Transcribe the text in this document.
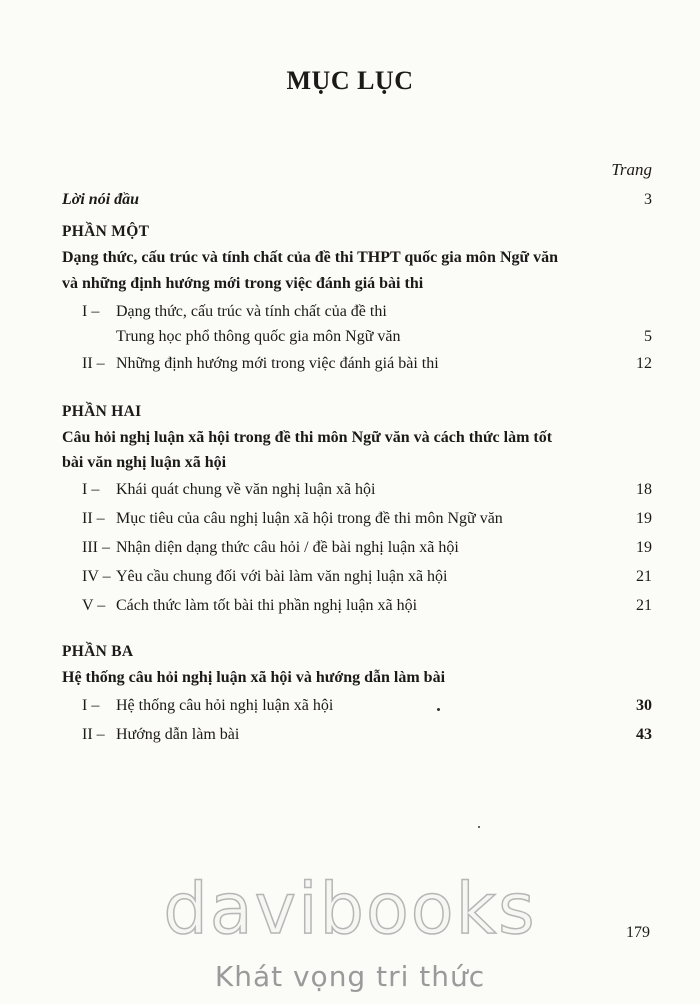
MỤC LỤC
Trang
Lời nói đầu	3
PHẦN MỘT
Dạng thức, cấu trúc và tính chất của đề thi THPT quốc gia môn Ngữ văn
và những định hướng mới trong việc đánh giá bài thi
I – Dạng thức, cấu trúc và tính chất của đề thi
Trung học phổ thông quốc gia môn Ngữ văn	5
II – Những định hướng mới trong việc đánh giá bài thi	12
PHẦN HAI
Câu hỏi nghị luận xã hội trong đề thi môn Ngữ văn và cách thức làm tốt
bài văn nghị luận xã hội
I – Khái quát chung về văn nghị luận xã hội	18
II – Mục tiêu của câu nghị luận xã hội trong đề thi môn Ngữ văn	19
III – Nhận diện dạng thức câu hỏi / đề bài nghị luận xã hội	19
IV – Yêu cầu chung đối với bài làm văn nghị luận xã hội	21
V – Cách thức làm tốt bài thi phần nghị luận xã hội	21
PHẦN BA
Hệ thống câu hỏi nghị luận xã hội và hướng dẫn làm bài
I – Hệ thống câu hỏi nghị luận xã hội	30
II – Hướng dẫn làm bài	43
davibooks
Khát vọng tri thức
179
